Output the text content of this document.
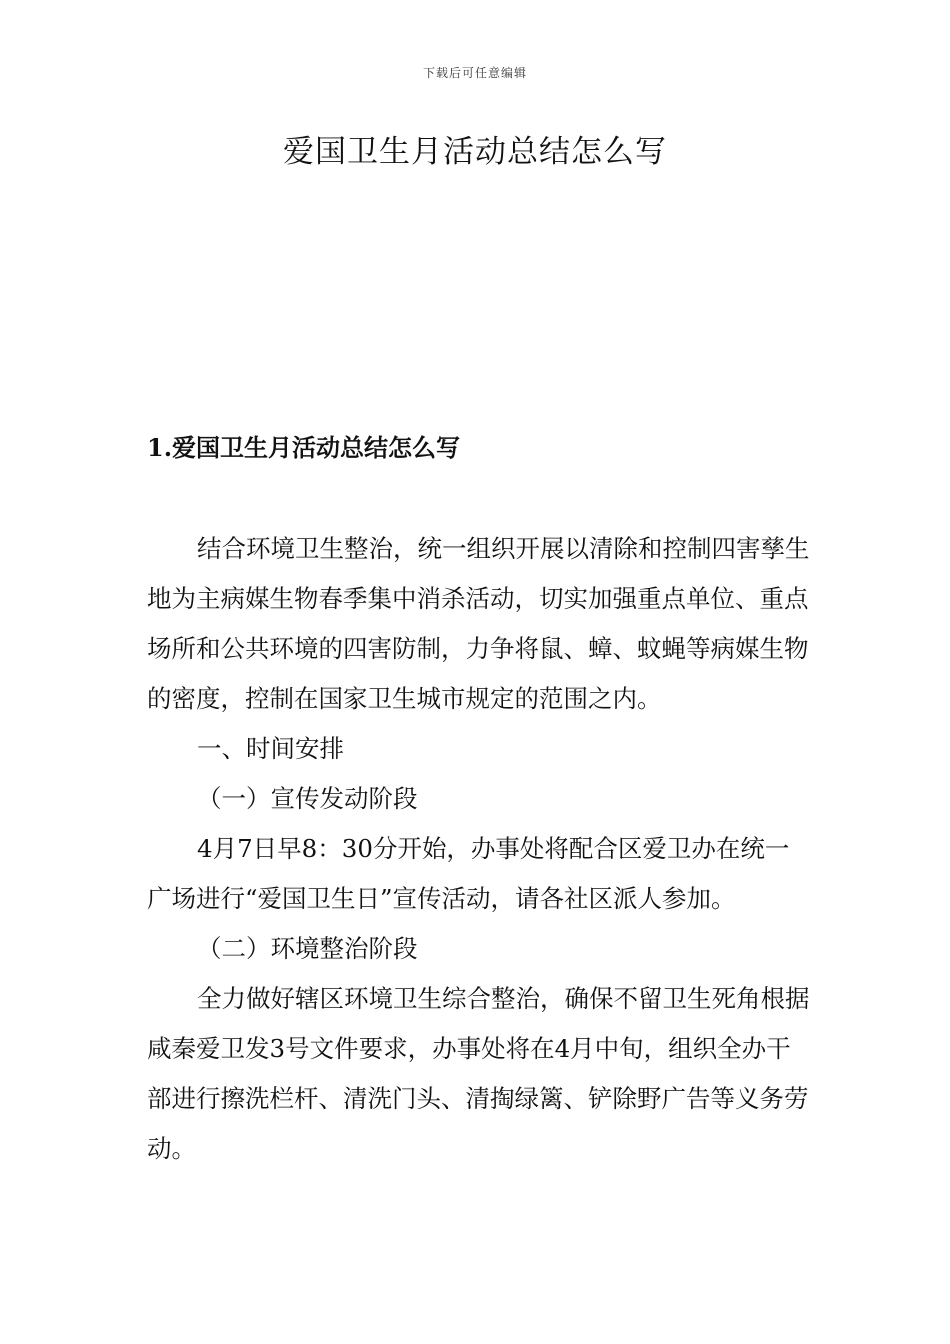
下载后可任意编辑
爱国卫生月活动总结怎么写
1.爱国卫生月活动总结怎么写

结合环境卫生整治，统一组织开展以清除和控制四害孳生地为主病媒生物春季集中消杀活动，切实加强重点单位、重点场所和公共环境的四害防制，力争将鼠、蟑、蚊蝇等病媒生物的密度，控制在国家卫生城市规定的范围之内。

一、时间安排

（一）宣传发动阶段

4月7日早8：30分开始，办事处将配合区爱卫办在统一广场进行“爱国卫生日”宣传活动，请各社区派人参加。

（二）环境整治阶段

全力做好辖区环境卫生综合整治，确保不留卫生死角根据咸秦爱卫发3号文件要求，办事处将在4月中旬，组织全办干部进行擦洗栏杆、清洗门头、清掏绿篱、铲除野广告等义务劳动。
